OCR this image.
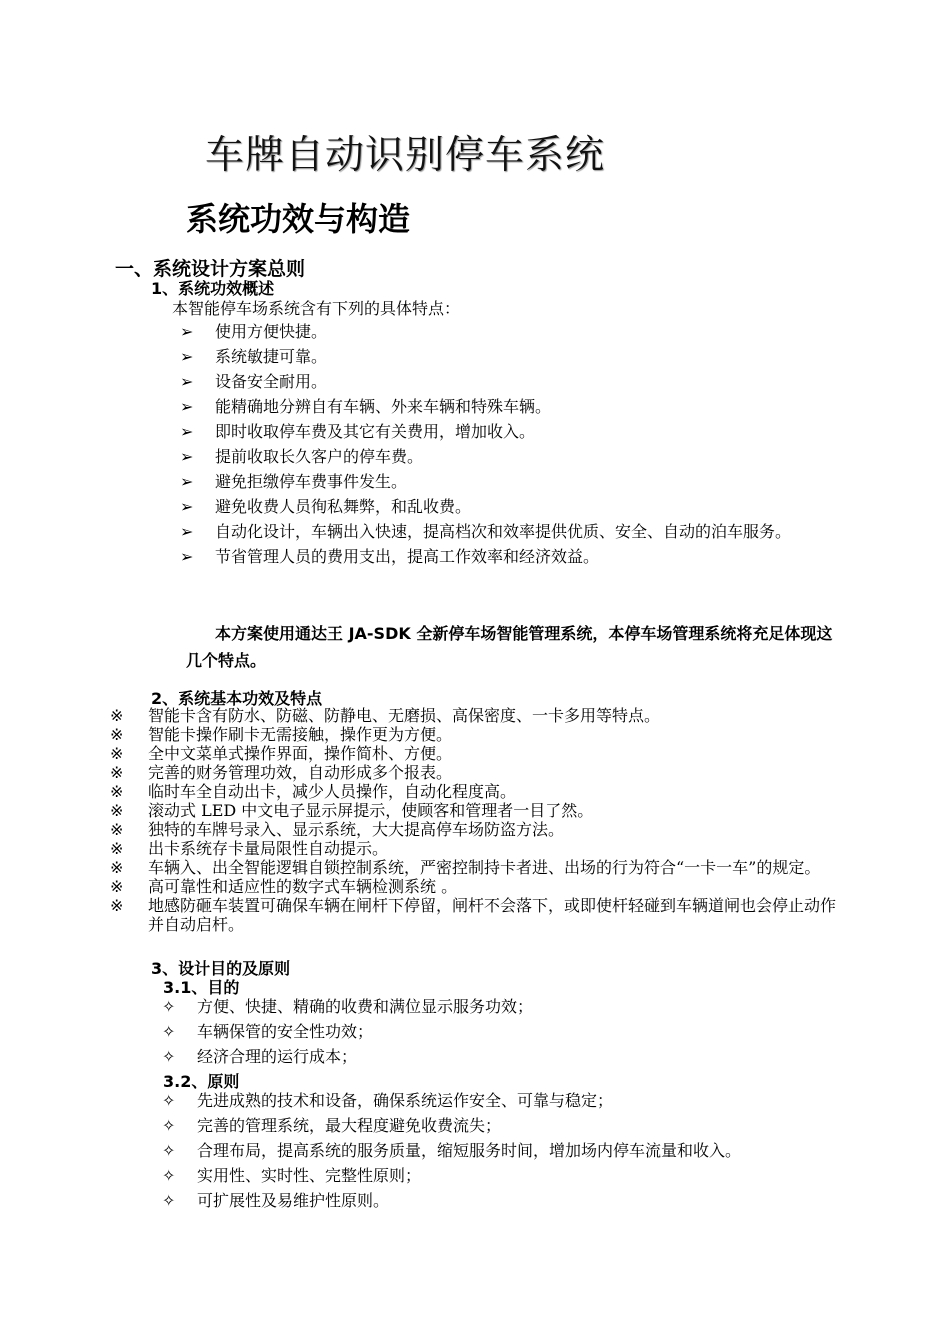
车牌自动识别停车系统
系统功效与构造
一、系统设计方案总则
1、系统功效概述
本智能停车场系统含有下列的具体特点：
➢ 使用方便快捷。
➢ 系统敏捷可靠。
➢ 设备安全耐用。
➢ 能精确地分辨自有车辆、外来车辆和特殊车辆。
➢ 即时收取停车费及其它有关费用，增加收入。
➢ 提前收取长久客户的停车费。
➢ 避免拒缴停车费事件发生。
➢ 避免收费人员徇私舞弊，和乱收费。
➢ 自动化设计，车辆出入快速，提高档次和效率提供优质、安全、自动的泊车服务。
➢ 节省管理人员的费用支出，提高工作效率和经济效益。
本方案使用通达王 JA-SDK 全新停车场智能管理系统，本停车场管理系统将充足体现这几个特点。
2、系统基本功效及特点
※ 智能卡含有防水、防磁、防静电、无磨损、高保密度、一卡多用等特点。
※ 智能卡操作刷卡无需接触，操作更为方便。
※ 全中文菜单式操作界面，操作简朴、方便。
※ 完善的财务管理功效，自动形成多个报表。
※ 临时车全自动出卡，减少人员操作，自动化程度高。
※ 滚动式 LED 中文电子显示屏提示，使顾客和管理者一目了然。
※ 独特的车牌号录入、显示系统，大大提高停车场防盗方法。
※ 出卡系统存卡量局限性自动提示。
※ 车辆入、出全智能逻辑自锁控制系统，严密控制持卡者进、出场的行为符合“一卡一车”的规定。
※ 高可靠性和适应性的数字式车辆检测系统 。
※ 地感防砸车装置可确保车辆在闸杆下停留，闸杆不会落下，或即使杆轻碰到车辆道闸也会停止动作并自动启杆。
3、设计目的及原则
3.1、目的
✧ 方便、快捷、精确的收费和满位显示服务功效；
✧ 车辆保管的安全性功效；
✧ 经济合理的运行成本；
3.2、原则
✧ 先进成熟的技术和设备，确保系统运作安全、可靠与稳定；
✧ 完善的管理系统，最大程度避免收费流失；
✧ 合理布局，提高系统的服务质量，缩短服务时间，增加场内停车流量和收入。
✧ 实用性、实时性、完整性原则；
✧ 可扩展性及易维护性原则。
